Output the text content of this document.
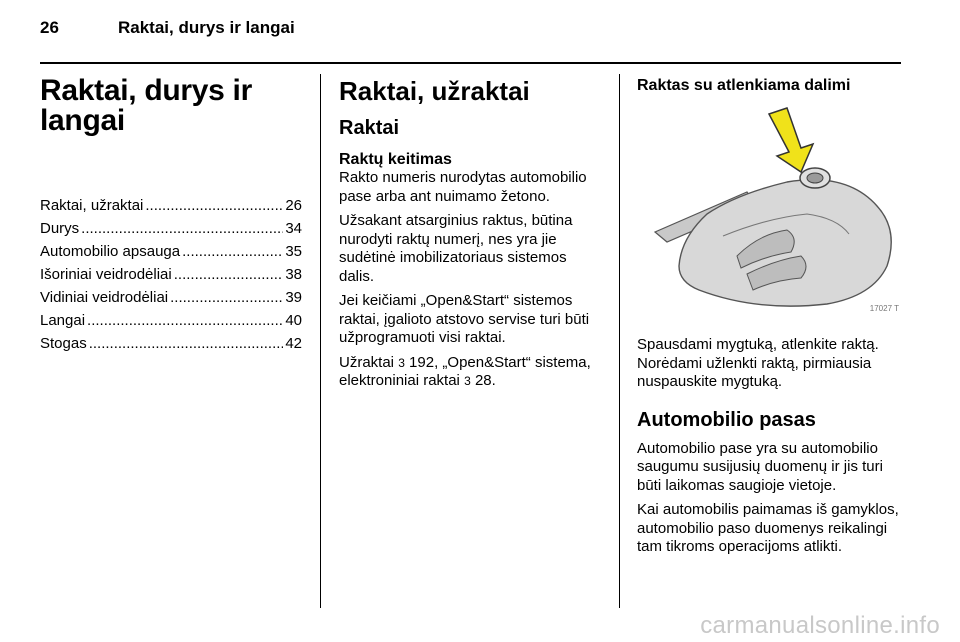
26	Raktai, durys ir langai
Raktai, durys ir langai
Raktai, užraktai .....	26
Durys .....	34
Automobilio apsauga .....	35
Išoriniai veidrodėliai .....	38
Vidiniai veidrodėliai .....	39
Langai .....	40
Stogas .....	42
Raktai, užraktai
Raktai
Raktų keitimas

Rakto numeris nurodytas automobilio pase arba ant nuimamo žetono.

Užsakant atsarginius raktus, būtina nurodyti raktų numerį, nes yra jie sudėtinė imobilizatoriaus sistemos dalis.

Jei keičiami „Open&Start“ sistemos raktai, įgalioto atstovo servise turi būti užprogramuoti visi raktai.

Užraktai 3 192, „Open&Start“ sistema, elektroniniai raktai 3 28.

Raktas su atlenkiama dalimi
17027 T

Spausdami mygtuką, atlenkite raktą. Norėdami užlenkti raktą, pirmiausia nuspauskite mygtuką.

Automobilio pasas

Automobilio pase yra su automobilio saugumu susijusių duomenų ir jis turi būti laikomas saugioje vietoje.

Kai automobilis paimamas iš gamyklos, automobilio paso duomenys reikalingi tam tikroms operacijoms atlikti.

carmanualsonline.info
